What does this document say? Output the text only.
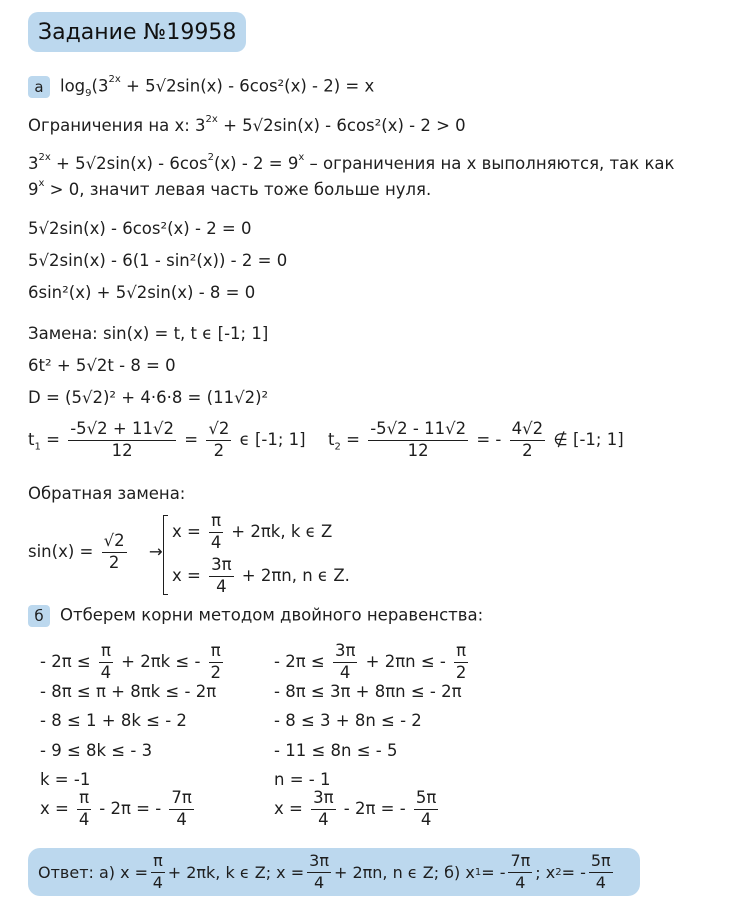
Задание №19958
а $\log_9(3^{2x} + 5√2\sin(x) - 6\cos^2(x) - 2) = x$
Ограничения на x: $3^{2x} + 5√2\sin(x) - 6\cos^2(x) - 2 > 0$
$3^{2x} + 5√2\sin(x) - 6\cos^2(x) - 2 = 9^x$ – ограничения на x выполняются, так как
$9^x > 0$, значит левая часть тоже больше нуля.
5√2sin(x) - 6cos²(x) - 2 = 0
5√2sin(x) - 6(1 - sin²(x)) - 2 = 0
6sin²(x) + 5√2sin(x) - 8 = 0
Замена: sin(x) = t, t ϵ [-1; 1]
6t² + 5√2t - 8 = 0
D = (5√2)² + 4·6·8 = (11√2)²
$t_1 = \frac{-5√2 + 11√2}{12} = \frac{√2}{2}$ ϵ [-1; 1] $t_2 = \frac{-5√2 - 11√2}{12}$ = - $\frac{4√2}{2}$ ∉ [-1; 1]
Обратная замена:
$\sin(x) = \frac{√2}{2}$ →
$x = \frac{\pi}{4} + 2\pi k$, k ϵ Z
$x = \frac{3\pi}{4} + 2\pi n$, n ϵ Z.
б Отберем корни методом двойного неравенства:
- $2\pi \le \frac{\pi}{4} + 2\pi k$ ≤ - $\frac{\pi}{2}$
- 8π ≤ π + 8πk ≤ - 2π
- 8 ≤ 1 + 8k ≤ - 2
- 9 ≤ 8k ≤ - 3
k = -1
$x = \frac{\pi}{4} - 2\pi$ = - $\frac{7\pi}{4}$
- $2\pi \le \frac{3\pi}{4} + 2\pi n$ ≤ - $\frac{\pi}{2}$
- 8π ≤ 3π + 8πn ≤ - 2π
- 8 ≤ 3 + 8n ≤ - 2
- 11 ≤ 8n ≤ - 5
n = - 1
$x = \frac{3\pi}{4} - 2\pi$ = - $\frac{5\pi}{4}$
Ответ: а) $x = \frac{\pi}{4} + 2\pi k$, k ϵ Z; $x = \frac{3\pi}{4} + 2\pi n$, n ϵ Z; б) x 1 = - $\frac{7\pi}{4}$ ; x 2 = - $\frac{5\pi}{4}$
